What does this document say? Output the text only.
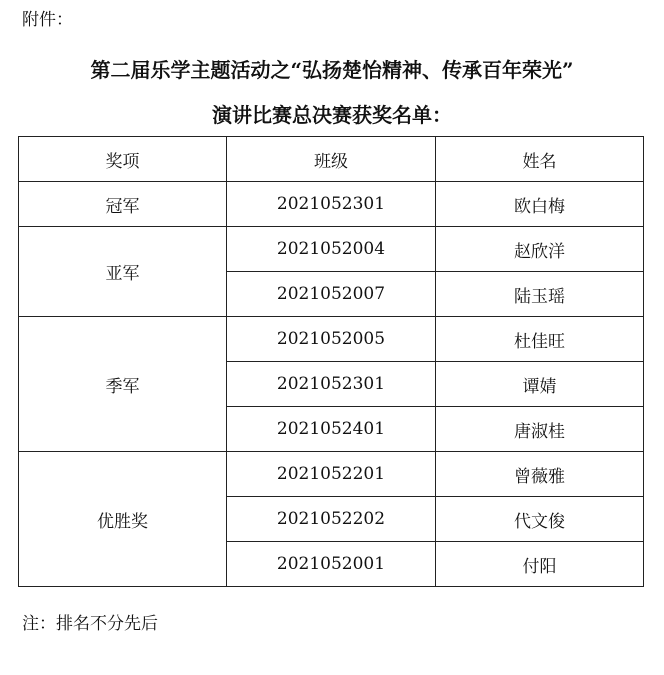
附件：
第二届乐学主题活动之“弘扬楚怡精神、传承百年荣光”
演讲比赛总决赛获奖名单：
奖项	班级	姓名
冠军	2021052301	欧白梅
亚军	2021052004	赵欣洋
	2021052007	陆玉瑶
季军	2021052005	杜佳旺
	2021052301	谭婧
	2021052401	唐淑桂
优胜奖	2021052201	曾薇雅
	2021052202	代文俊
	2021052001	付阳
注：排名不分先后
